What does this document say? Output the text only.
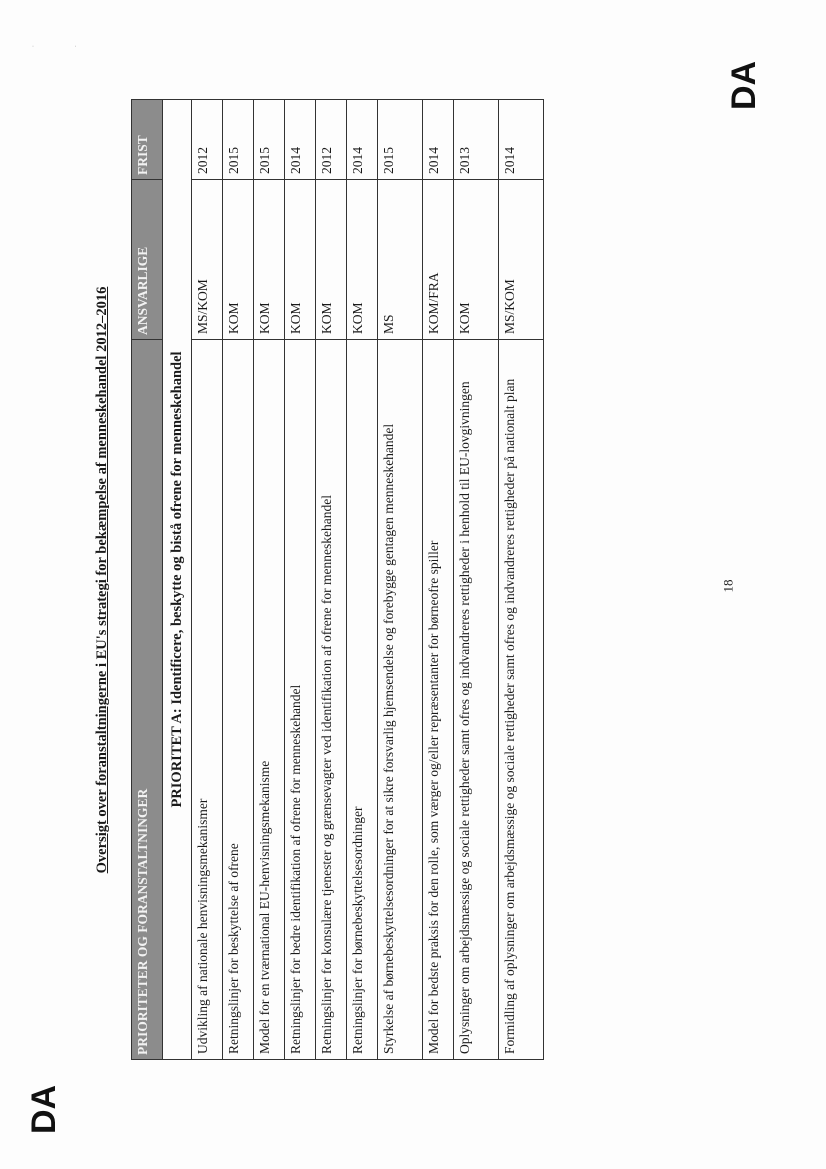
·                           ·
DA
DA
18
Oversigt over foranstaltningerne i EU's strategi for bekæmpelse af menneskehandel 2012–2016
PRIORITETER OG FORANSTALTNINGER	ANSVARLIGE	FRIST
PRIORITET A: Identificere, beskytte og bistå ofrene for menneskehandel		
Udvikling af nationale henvisningsmekanismer	MS/KOM	2012
Retningslinjer for beskyttelse af ofrene	KOM	2015
Model for en tværnational EU-henvisningsmekanisme	KOM	2015
Retningslinjer for bedre identifikation af ofrene for menneskehandel	KOM	2014
Retningslinjer for konsulære tjenester og grænsevagter ved identifikation af ofrene for menneskehandel	KOM	2012
Retningslinjer for børnebeskyttelsesordninger	KOM	2014
Styrkelse af børnebeskyttelsesordninger for at sikre forsvarlig hjemsendelse og forebygge gentagen menneskehandel	MS	2015
Model for bedste praksis for den rolle, som værger og/eller repræsentanter for børneofre spiller	KOM/FRA	2014
Oplysninger om arbejdsmæssige og sociale rettigheder samt ofres og indvandreres rettigheder i henhold til EU-lovgivningen	KOM	2013
Formidling af oplysninger om arbejdsmæssige og sociale rettigheder samt ofres og indvandreres rettigheder på nationalt plan	MS/KOM	2014
